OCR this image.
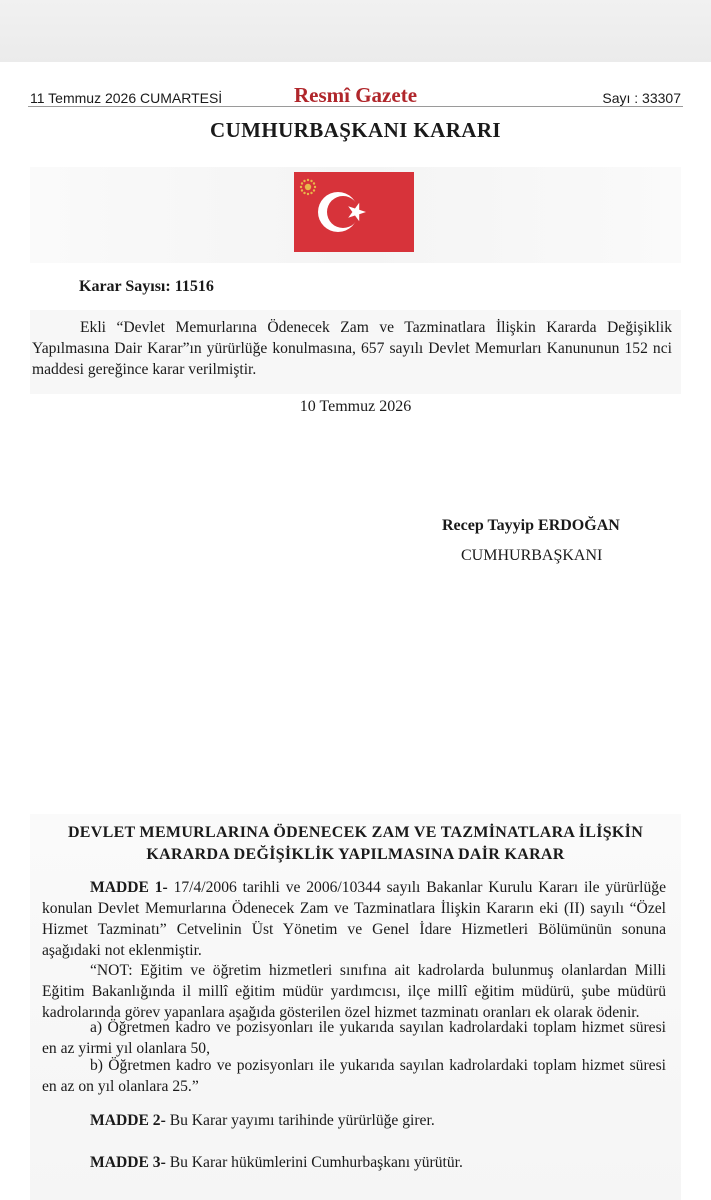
11 Temmuz 2026 CUMARTESİ	Resmî Gazete	Sayı : 33307
CUMHURBAŞKANI KARARI
Karar Sayısı: 11516
Ekli “Devlet Memurlarına Ödenecek Zam ve Tazminatlara İlişkin Kararda Değişiklik Yapılmasına Dair Karar”ın yürürlüğe konulmasına, 657 sayılı Devlet Memurları Kanununun 152 nci maddesi gereğince karar verilmiştir.
10 Temmuz 2026
Recep Tayyip ERDOĞAN
CUMHURBAŞKANI
DEVLET MEMURLARINA ÖDENECEK ZAM VE TAZMİNATLARA İLİŞKİN
KARARDA DEĞİŞİKLİK YAPILMASINA DAİR KARAR
MADDE 1- 17/4/2006 tarihli ve 2006/10344 sayılı Bakanlar Kurulu Kararı ile yürürlüğe konulan Devlet Memurlarına Ödenecek Zam ve Tazminatlara İlişkin Kararın eki (II) sayılı “Özel Hizmet Tazminatı” Cetvelinin Üst Yönetim ve Genel İdare Hizmetleri Bölümünün sonuna aşağıdaki not eklenmiştir.
“NOT: Eğitim ve öğretim hizmetleri sınıfına ait kadrolarda bulunmuş olanlardan Milli Eğitim Bakanlığında il millî eğitim müdür yardımcısı, ilçe millî eğitim müdürü, şube müdürü kadrolarında görev yapanlara aşağıda gösterilen özel hizmet tazminatı oranları ek olarak ödenir.
a) Öğretmen kadro ve pozisyonları ile yukarıda sayılan kadrolardaki toplam hizmet süresi en az yirmi yıl olanlara 50,
b) Öğretmen kadro ve pozisyonları ile yukarıda sayılan kadrolardaki toplam hizmet süresi en az on yıl olanlara 25.”
MADDE 2- Bu Karar yayımı tarihinde yürürlüğe girer.
MADDE 3- Bu Karar hükümlerini Cumhurbaşkanı yürütür.
